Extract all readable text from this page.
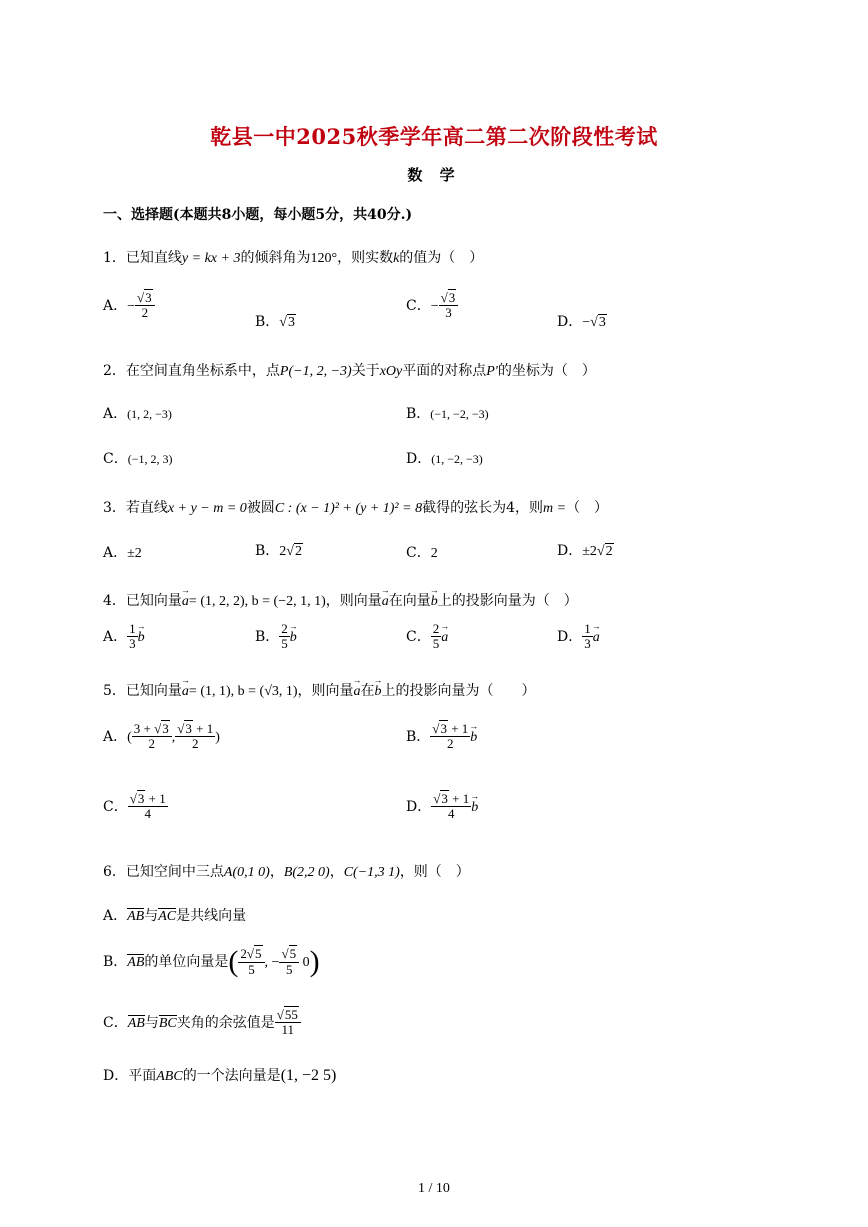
乾县一中2025秋季学年高二第二次阶段性考试
数 学
一、选择题(本题共8小题，每小题5分，共40分.)
1．已知直线y = kx + 3的倾斜角为120°，则实数k的值为（　）
A．− $\frac{√3}{2}$
B．√3
C．− $\frac{√3}{3}$
D．−√3
2．在空间直角坐标系中，点P(−1, 2, −3)关于xOy平面的对称点P′的坐标为（　）
A．(1, 2, −3)	B．(−1, −2, −3)
C．(−1, 2, 3)	D．(1, −2, −3)
3．若直线x + y − m = 0被圆C : (x − 1)² + (y + 1)² = 8截得的弦长为4，则m =（　）
A．±2	B．2√2	C．2	D．±2√2
4．已知向量→ a= (1, 2, 2), b = (−2, 1, 1)，则向量→ a在向量→ b上的投影向量为（　）
A． $\frac{1}{3}$
→ b	B． $\frac{2}{5}$
→ b	C． $\frac{2}{5}$
→ a	D． $\frac{1}{3}$
→ a
5．已知向量→ a= (1, 1), b = (√3, 1)，则向量→ a在→ b上的投影向量为（　　）
A．( $\frac{3 + √3}{2}$ , $\frac{√3 + 1}{2}$ )	B． $\frac{√3 + 1}{2}$
→ b
C． $\frac{√3 + 1}{4}$	D． $\frac{√3 + 1}{4}$
→ b
6．已知空间中三点A(0,1 0)，B(2,2 0)，C(−1,3 1)，则（　）
A．AB与AC是共线向量
B．AB的单位向量是( $\frac{2√5}{5}$ , − $\frac{√5}{5} 0$)
C．AB与BC夹角的余弦值是 $\frac{√55}{11}$
D．平面ABC的一个法向量是(1, −2 5)
1 / 10
